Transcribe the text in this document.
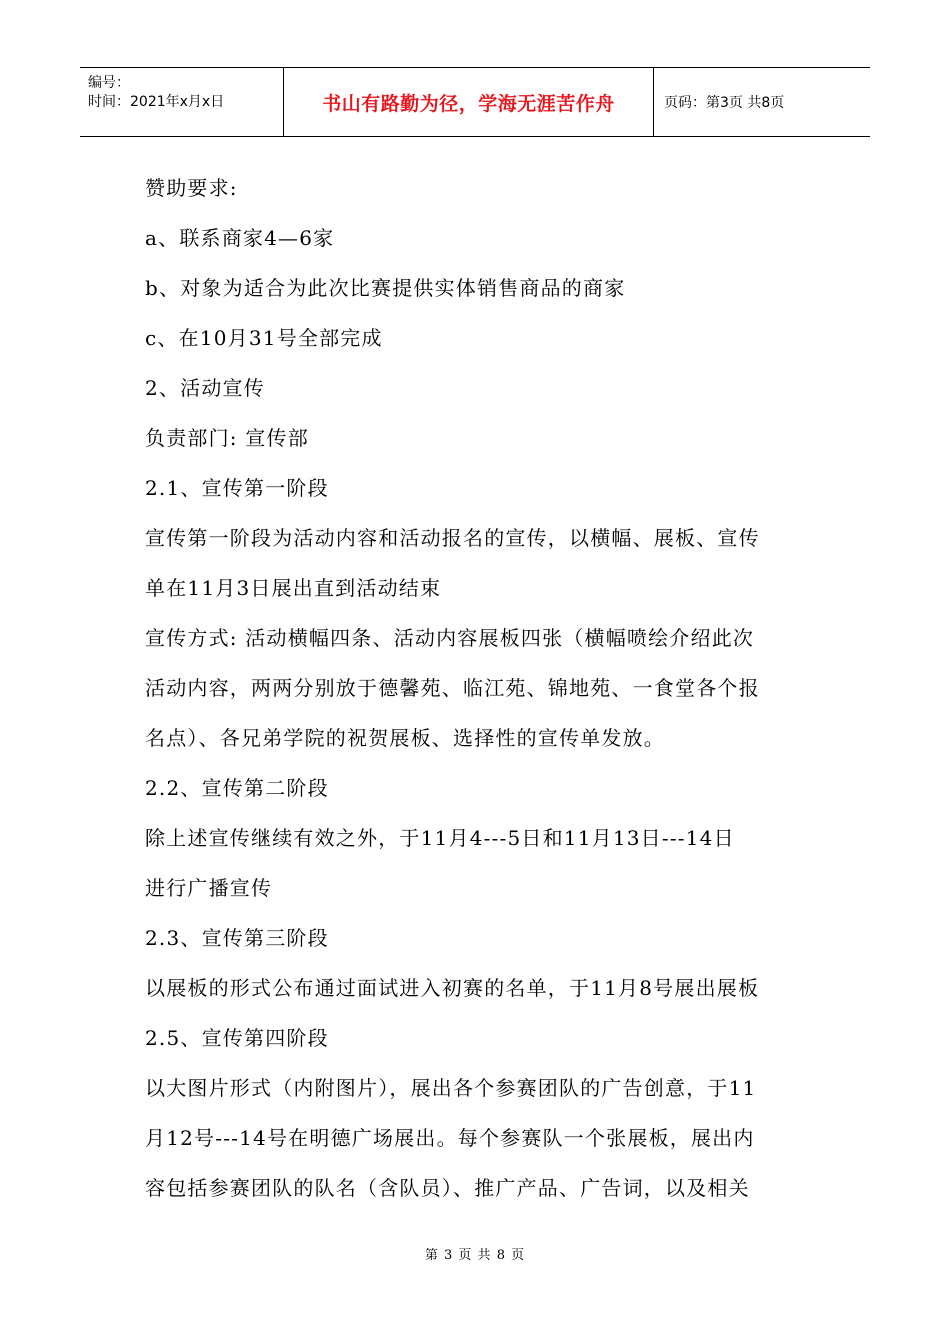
编号：
时间：2021年x月x日	书山有路勤为径，学海无涯苦作舟	页码：第3页 共8页
赞助要求:
a、联系商家4—6家
b、对象为适合为此次比赛提供实体销售商品的商家
c、在10月31号全部完成
2、活动宣传
负责部门: 宣传部
2.1、宣传第一阶段
宣传第一阶段为活动内容和活动报名的宣传，以横幅、展板、宣传
单在11月3日展出直到活动结束
宣传方式: 活动横幅四条、活动内容展板四张（横幅喷绘介绍此次
活动内容，两两分别放于德馨苑、临江苑、锦地苑、一食堂各个报
名点）、各兄弟学院的祝贺展板、选择性的宣传单发放。
2.2、宣传第二阶段
除上述宣传继续有效之外，于11月4---5日和11月13日---14日
进行广播宣传
2.3、宣传第三阶段
以展板的形式公布通过面试进入初赛的名单，于11月8号展出展板
2.5、宣传第四阶段
以大图片形式（内附图片），展出各个参赛团队的广告创意，于11
月12号---14号在明德广场展出。每个参赛队一个张展板，展出内
容包括参赛团队的队名（含队员）、推广产品、广告词，以及相关
第 3 页 共 8 页
